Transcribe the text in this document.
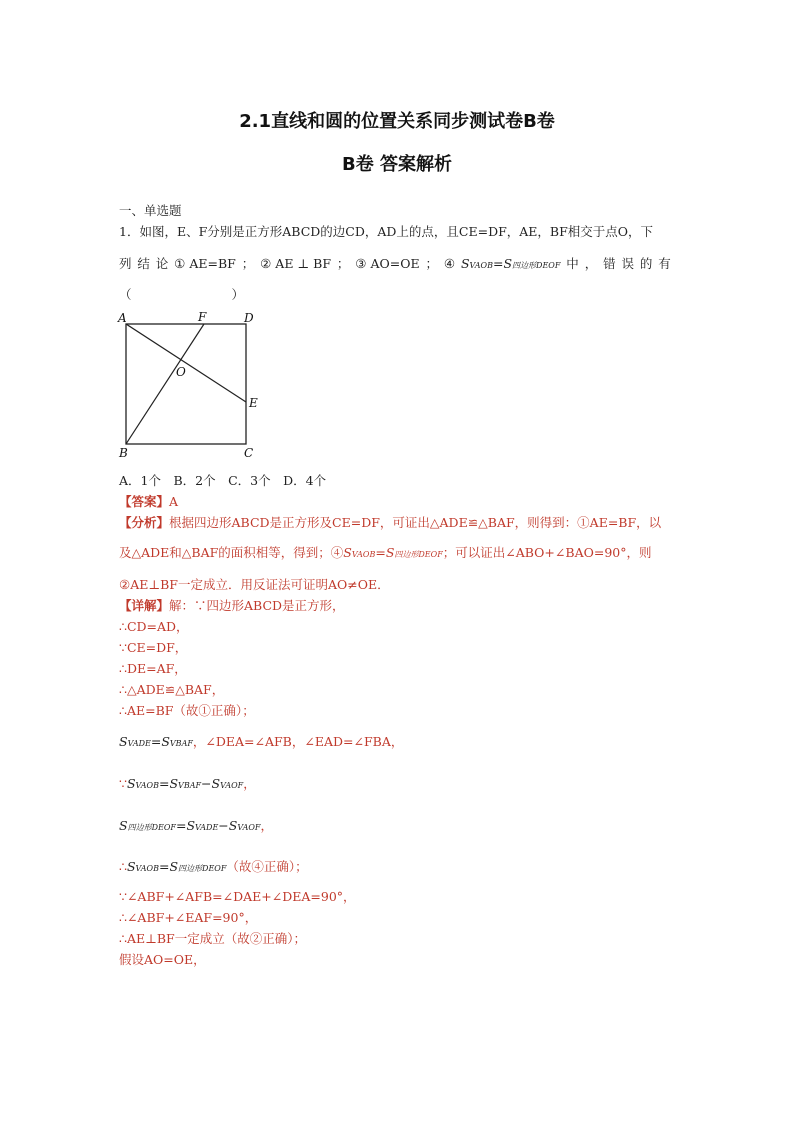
2.1直线和圆的位置关系同步测试卷B卷
B卷 答案解析
一、单选题
1．如图，E、F分别是正方形ABCD的边CD，AD上的点，且CE=DF，AE，BF相交于点O，下
列 结 论 ① AE=BF ； ② AE ⊥ BF ； ③ AO=OE ； ④ SVAOB=S四边形DEOF 中 ， 错 误 的 有
（　　　　　　　　）
A	F	D
O
E
B	C
A．1个　B．2个　C．3个　D．4个
【答案】A
【分析】根据四边形ABCD是正方形及CE=DF，可证出△ADE≌△BAF，则得到：①AE=BF，以
及△ADE和△BAF的面积相等，得到；④SVAOB=S四边形DEOF；可以证出∠ABO+∠BAO=90°，则
②AE⊥BF一定成立．用反证法可证明AO≠OE．
【详解】解：∵四边形ABCD是正方形，
∴CD=AD，
∵CE=DF，
∴DE=AF，
∴△ADE≌△BAF，
∴AE=BF（故①正确）；
SVADE=SVBAF，∠DEA=∠AFB，∠EAD=∠FBA，
∵SVAOB=SVBAF−SVAOF，
S四边形DEOF=SVADE−SVAOF，
∴SVAOB=S四边形DEOF（故④正确）；
∵∠ABF+∠AFB=∠DAE+∠DEA=90°，
∴∠ABF+∠EAF=90°，
∴AE⊥BF一定成立（故②正确）；
假设AO=OE，
